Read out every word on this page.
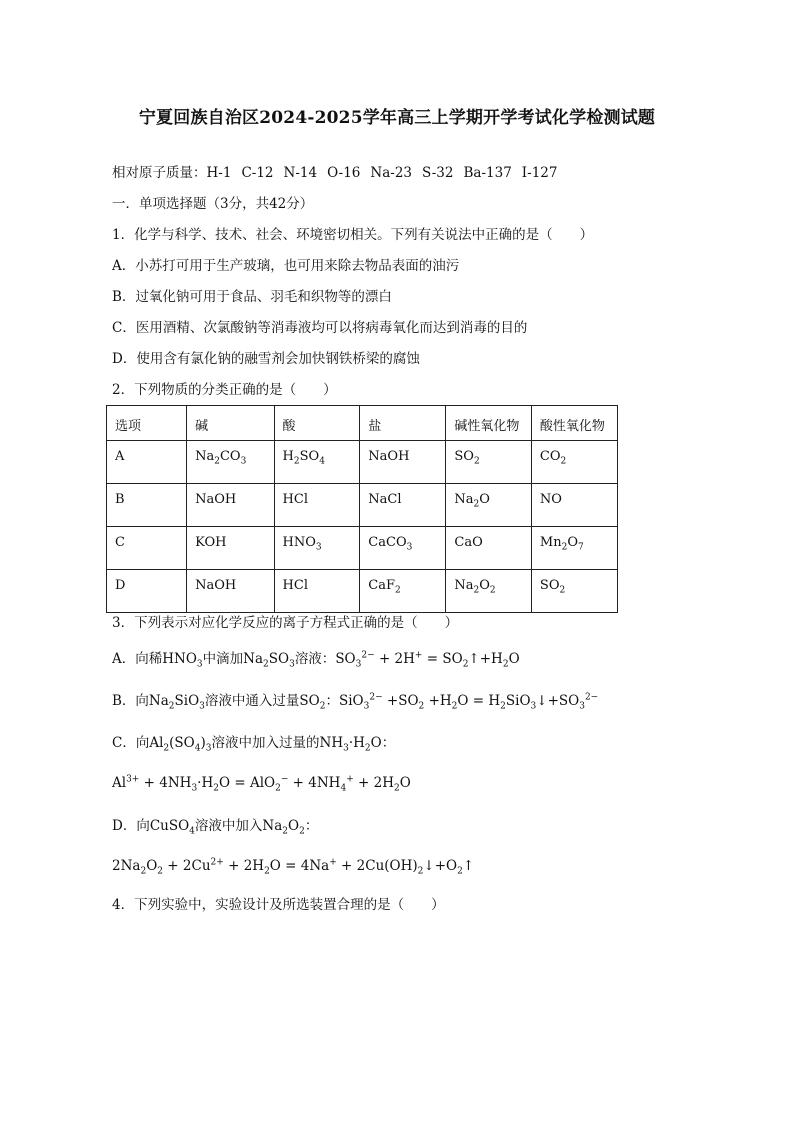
宁夏回族自治区2024-2025学年高三上学期开学考试化学检测试题
相对原子质量：H-1 C-12 N-14 O-16 Na-23 S-32 Ba-137 I-127
一．单项选择题（3分，共42分）
1．化学与科学、技术、社会、环境密切相关。下列有关说法中正确的是（　　）
A．小苏打可用于生产玻璃，也可用来除去物品表面的油污
B．过氧化钠可用于食品、羽毛和织物等的漂白
C．医用酒精、次氯酸钠等消毒液均可以将病毒氧化而达到消毒的目的
D．使用含有氯化钠的融雪剂会加快钢铁桥梁的腐蚀
2．下列物质的分类正确的是（　　）
选项	碱	酸	盐	碱性氧化物	酸性氧化物
A	$Na_2CO_3$	$H_2SO_4$	NaOH	$SO_2$	$CO_2$
B	NaOH	HCl	NaCl	$Na_2O$	NO
C	KOH	$HNO_3$	CaCO$_3$	CaO	$Mn_2O_7$
D	NaOH	HCl	CaF$_2$	$Na_2O_2$	$SO_2$
3．下列表示对应化学反应的离子方程式正确的是（　　）
A．向稀$HNO_3$中滴加$Na_2SO_3$溶液：$SO_3^{2-} + 2H^+$ = $SO_2↑+H_2O$
B．向$Na_2SiO_3$溶液中通入过量$SO_2$：$SiO_3^{2-} +SO_2 +H_2O$ = $H_2SiO_3↓+SO_3^{2-}$
C．向$Al_2(SO_4)_3$溶液中加入过量的$NH_3\cdot H_2O$：
$Al^{3+} + 4NH_3\cdot H_2O = AlO_2^- + 4NH_4^+ + 2H_2O$
D．向CuSO$_4$溶液中加入$Na_2O_2$：
$2Na_2O_2 + 2Cu^{2+} + 2H_2O = 4Na^+$ + $2Cu(OH)_2↓+O_2↑$
4．下列实验中，实验设计及所选装置合理的是（　　）
